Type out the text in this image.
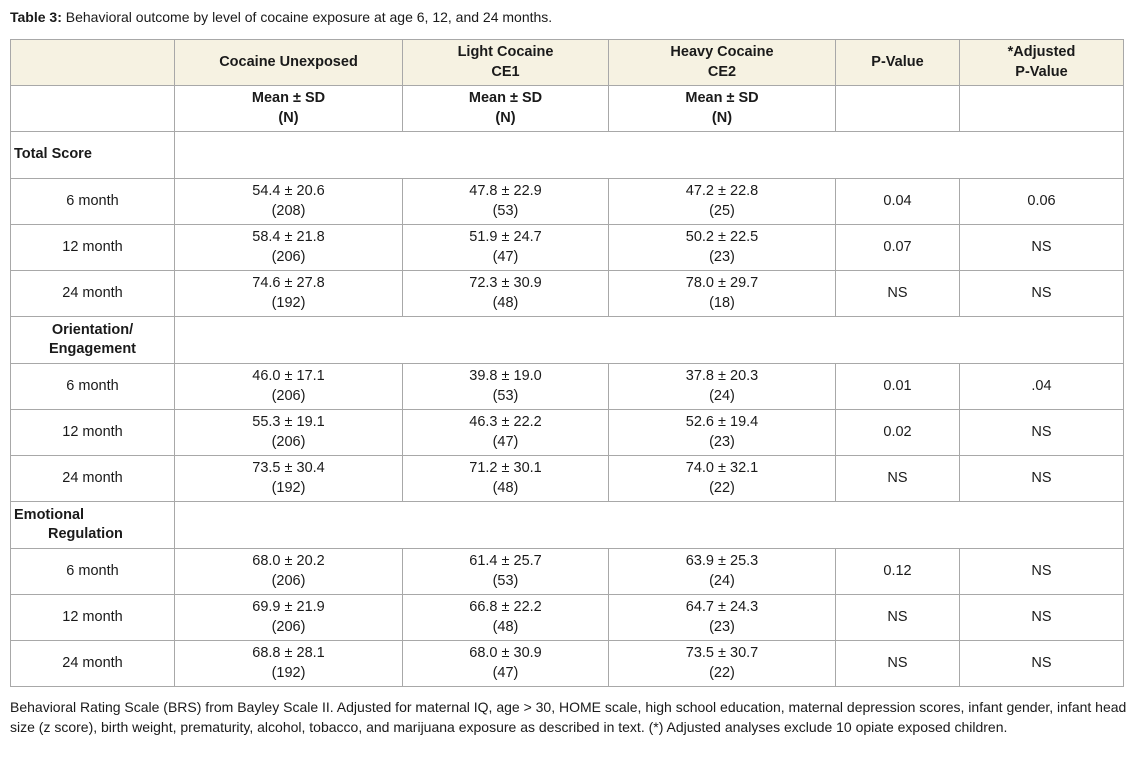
Table 3: Behavioral outcome by level of cocaine exposure at age 6, 12, and 24 months.
	Cocaine Unexposed	Light Cocaine
CE1	Heavy Cocaine
CE2	P-Value	*Adjusted
P-Value

	Mean ± SD
(N)	Mean ± SD
(N)	Mean ± SD
(N)		

Total Score					

6 month	54.4 ± 20.6
(208)	47.8 ± 22.9
(53)	47.2 ± 22.8
(25)	0.04	0.06
12 month	58.4 ± 21.8
(206)	51.9 ± 24.7
(47)	50.2 ± 22.5
(23)	0.07	NS
24 month	74.6 ± 27.8
(192)	72.3 ± 30.9
(48)	78.0 ± 29.7
(18)	NS	NS

Orientation/
Engagement					

6 month	46.0 ± 17.1
(206)	39.8 ± 19.0
(53)	37.8 ± 20.3
(24)	0.01	.04
12 month	55.3 ± 19.1
(206)	46.3 ± 22.2
(47)	52.6 ± 19.4
(23)	0.02	NS
24 month	73.5 ± 30.4
(192)	71.2 ± 30.1
(48)	74.0 ± 32.1
(22)	NS	NS

Emotional
Regulation					

6 month	68.0 ± 20.2
(206)	61.4 ± 25.7
(53)	63.9 ± 25.3
(24)	0.12	NS
12 month	69.9 ± 21.9
(206)	66.8 ± 22.2
(48)	64.7 ± 24.3
(23)	NS	NS
24 month	68.8 ± 28.1
(192)	68.0 ± 30.9
(47)	73.5 ± 30.7
(22)	NS	NS
Behavioral Rating Scale (BRS) from Bayley Scale II. Adjusted for maternal IQ, age > 30, HOME scale, high school education, maternal depression scores, infant gender, infant head size (z score), birth weight, prematurity, alcohol, tobacco, and marijuana exposure as described in text. (*) Adjusted analyses exclude 10 opiate exposed children.
